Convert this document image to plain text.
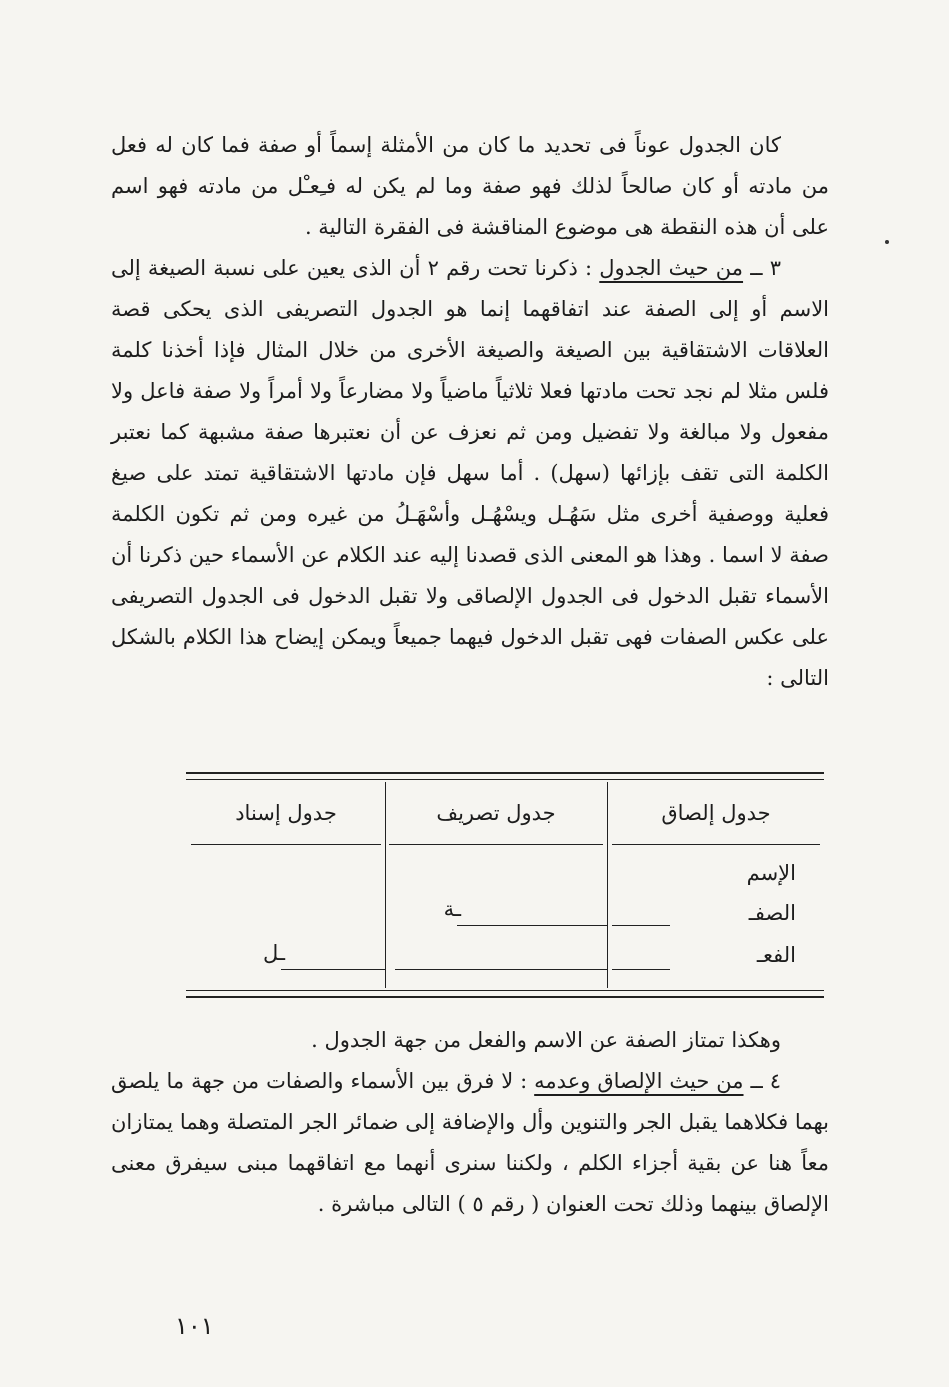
كان الجدول عوناً فى تحديد ما كان من الأمثلة إسماً أو صفة فما كان له فعل من مادته أو كان صالحاً لذلك فهو صفة وما لم يكن له فـِعـْل من مادته فهو اسم على أن هذه النقطة هى موضوع المناقشة فى الفقرة التالية .

٣ ــ من حيث الجدول : ذكرنا تحت رقم ٢ أن الذى يعين على نسبة الصيغة إلى الاسم أو إلى الصفة عند اتفاقهما إنما هو الجدول التصريفى الذى يحكى قصة العلاقات الاشتقاقية بين الصيغة والصيغة الأخرى من خلال المثال فإذا أخذنا كلمة فلس مثلا لم نجد تحت مادتها فعلا ثلاثياً ماضياً ولا مضارعاً ولا أمراً ولا صفة فاعل ولا مفعول ولا مبالغة ولا تفضيل ومن ثم نعزف عن أن نعتبرها صفة مشبهة كما نعتبر الكلمة التى تقف بإزائها (سهل) . أما سهل فإن مادتها الاشتقاقية تمتد على صيغ فعلية ووصفية أخرى مثل سَهُـل ويسْهُـل وأسْهَـلُ من غيره ومن ثم تكون الكلمة صفة لا اسما . وهذا هو المعنى الذى قصدنا إليه عند الكلام عن الأسماء حين ذكرنا أن الأسماء تقبل الدخول فى الجدول الإلصاقى ولا تقبل الدخول فى الجدول التصريفى على عكس الصفات فهى تقبل الدخول فيهما جميعاً ويمكن إيضاح هذا الكلام بالشكل التالى :

جدول إلصاق
الإسم
الصفـ
الفعـ
جدول تصريف
ـة
جدول إسناد
ـل

وهكذا تمتاز الصفة عن الاسم والفعل من جهة الجدول .

٤ ــ من حيث الإلصاق وعدمه : لا فرق بين الأسماء والصفات من جهة ما يلصق بهما فكلاهما يقبل الجر والتنوين وأل والإضافة إلى ضمائر الجر المتصلة وهما يمتازان معاً هنا عن بقية أجزاء الكلم ، ولكننا سنرى أنهما مع اتفاقهما مبنى سيفرق معنى الإلصاق بينهما وذلك تحت العنوان ( رقم ٥ ) التالى مباشرة .

١٠١
